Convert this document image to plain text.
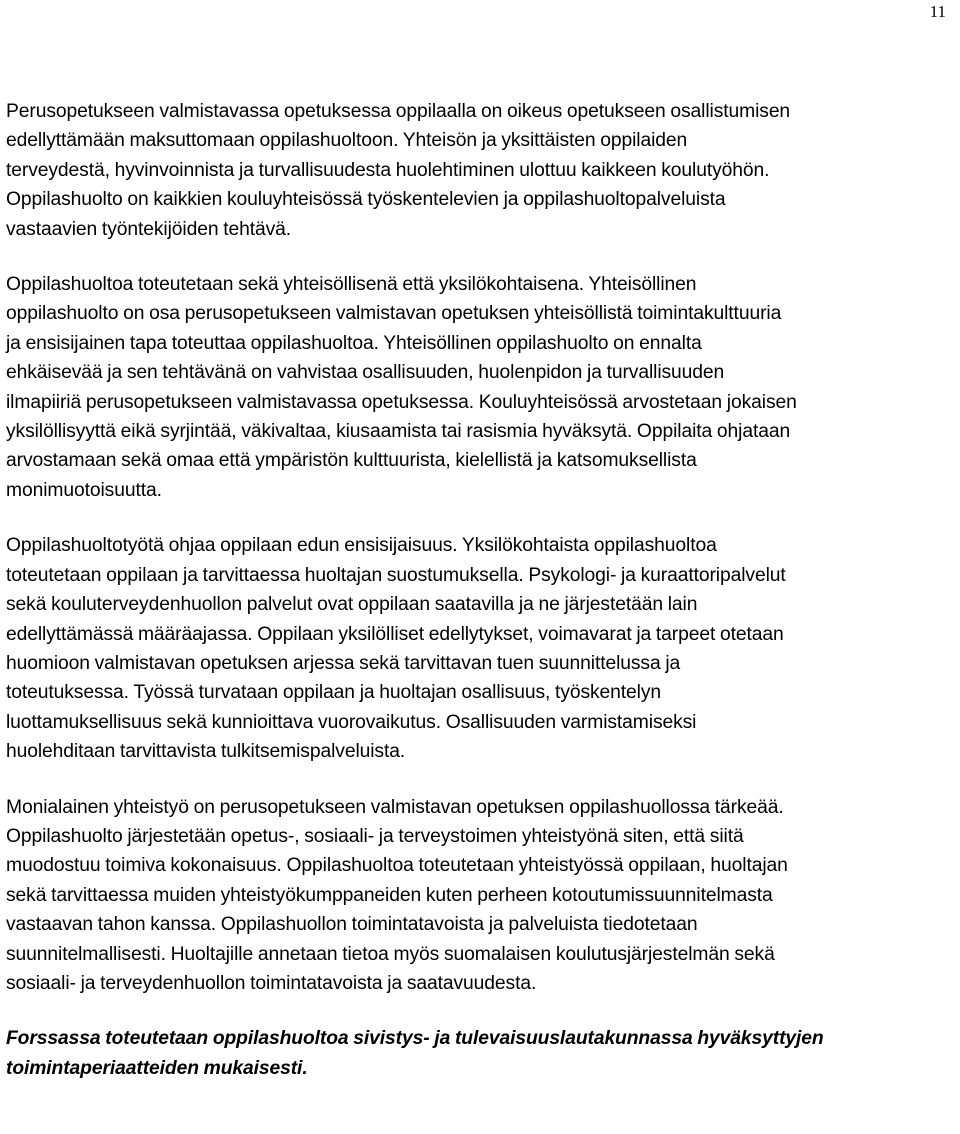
11

Perusopetukseen valmistavassa opetuksessa oppilaalla on oikeus opetukseen osallistumisen
edellyttämään maksuttomaan oppilashuoltoon. Yhteisön ja yksittäisten oppilaiden
terveydestä, hyvinvoinnista ja turvallisuudesta huolehtiminen ulottuu kaikkeen koulutyöhön.
Oppilashuolto on kaikkien kouluyhteisössä työskentelevien ja oppilashuoltopalveluista
vastaavien työntekijöiden tehtävä.

Oppilashuoltoa toteutetaan sekä yhteisöllisenä että yksilökohtaisena. Yhteisöllinen
oppilashuolto on osa perusopetukseen valmistavan opetuksen yhteisöllistä toimintakulttuuria
ja ensisijainen tapa toteuttaa oppilashuoltoa. Yhteisöllinen oppilashuolto on ennalta
ehkäisevää ja sen tehtävänä on vahvistaa osallisuuden, huolenpidon ja turvallisuuden
ilmapiiriä perusopetukseen valmistavassa opetuksessa. Kouluyhteisössä arvostetaan jokaisen
yksilöllisyyttä eikä syrjintää, väkivaltaa, kiusaamista tai rasismia hyväksytä. Oppilaita ohjataan
arvostamaan sekä omaa että ympäristön kulttuurista, kielellistä ja katsomuksellista
monimuotoisuutta.

Oppilashuoltotyötä ohjaa oppilaan edun ensisijaisuus. Yksilökohtaista oppilashuoltoa
toteutetaan oppilaan ja tarvittaessa huoltajan suostumuksella. Psykologi- ja kuraattoripalvelut
sekä kouluterveydenhuollon palvelut ovat oppilaan saatavilla ja ne järjestetään lain
edellyttämässä määräajassa. Oppilaan yksilölliset edellytykset, voimavarat ja tarpeet otetaan
huomioon valmistavan opetuksen arjessa sekä tarvittavan tuen suunnittelussa ja
toteutuksessa. Työssä turvataan oppilaan ja huoltajan osallisuus, työskentelyn
luottamuksellisuus sekä kunnioittava vuorovaikutus. Osallisuuden varmistamiseksi
huolehditaan tarvittavista tulkitsemispalveluista.

Monialainen yhteistyö on perusopetukseen valmistavan opetuksen oppilashuollossa tärkeää.
Oppilashuolto järjestetään opetus-, sosiaali- ja terveystoimen yhteistyönä siten, että siitä
muodostuu toimiva kokonaisuus. Oppilashuoltoa toteutetaan yhteistyössä oppilaan, huoltajan
sekä tarvittaessa muiden yhteistyökumppaneiden kuten perheen kotoutumissuunnitelmasta
vastaavan tahon kanssa. Oppilashuollon toimintatavoista ja palveluista tiedotetaan
suunnitelmallisesti. Huoltajille annetaan tietoa myös suomalaisen koulutusjärjestelmän sekä
sosiaali- ja terveydenhuollon toimintatavoista ja saatavuudesta.

Forssassa toteutetaan oppilashuoltoa sivistys- ja tulevaisuuslautakunnassa hyväksyttyjen
toimintaperiaatteiden mukaisesti.
